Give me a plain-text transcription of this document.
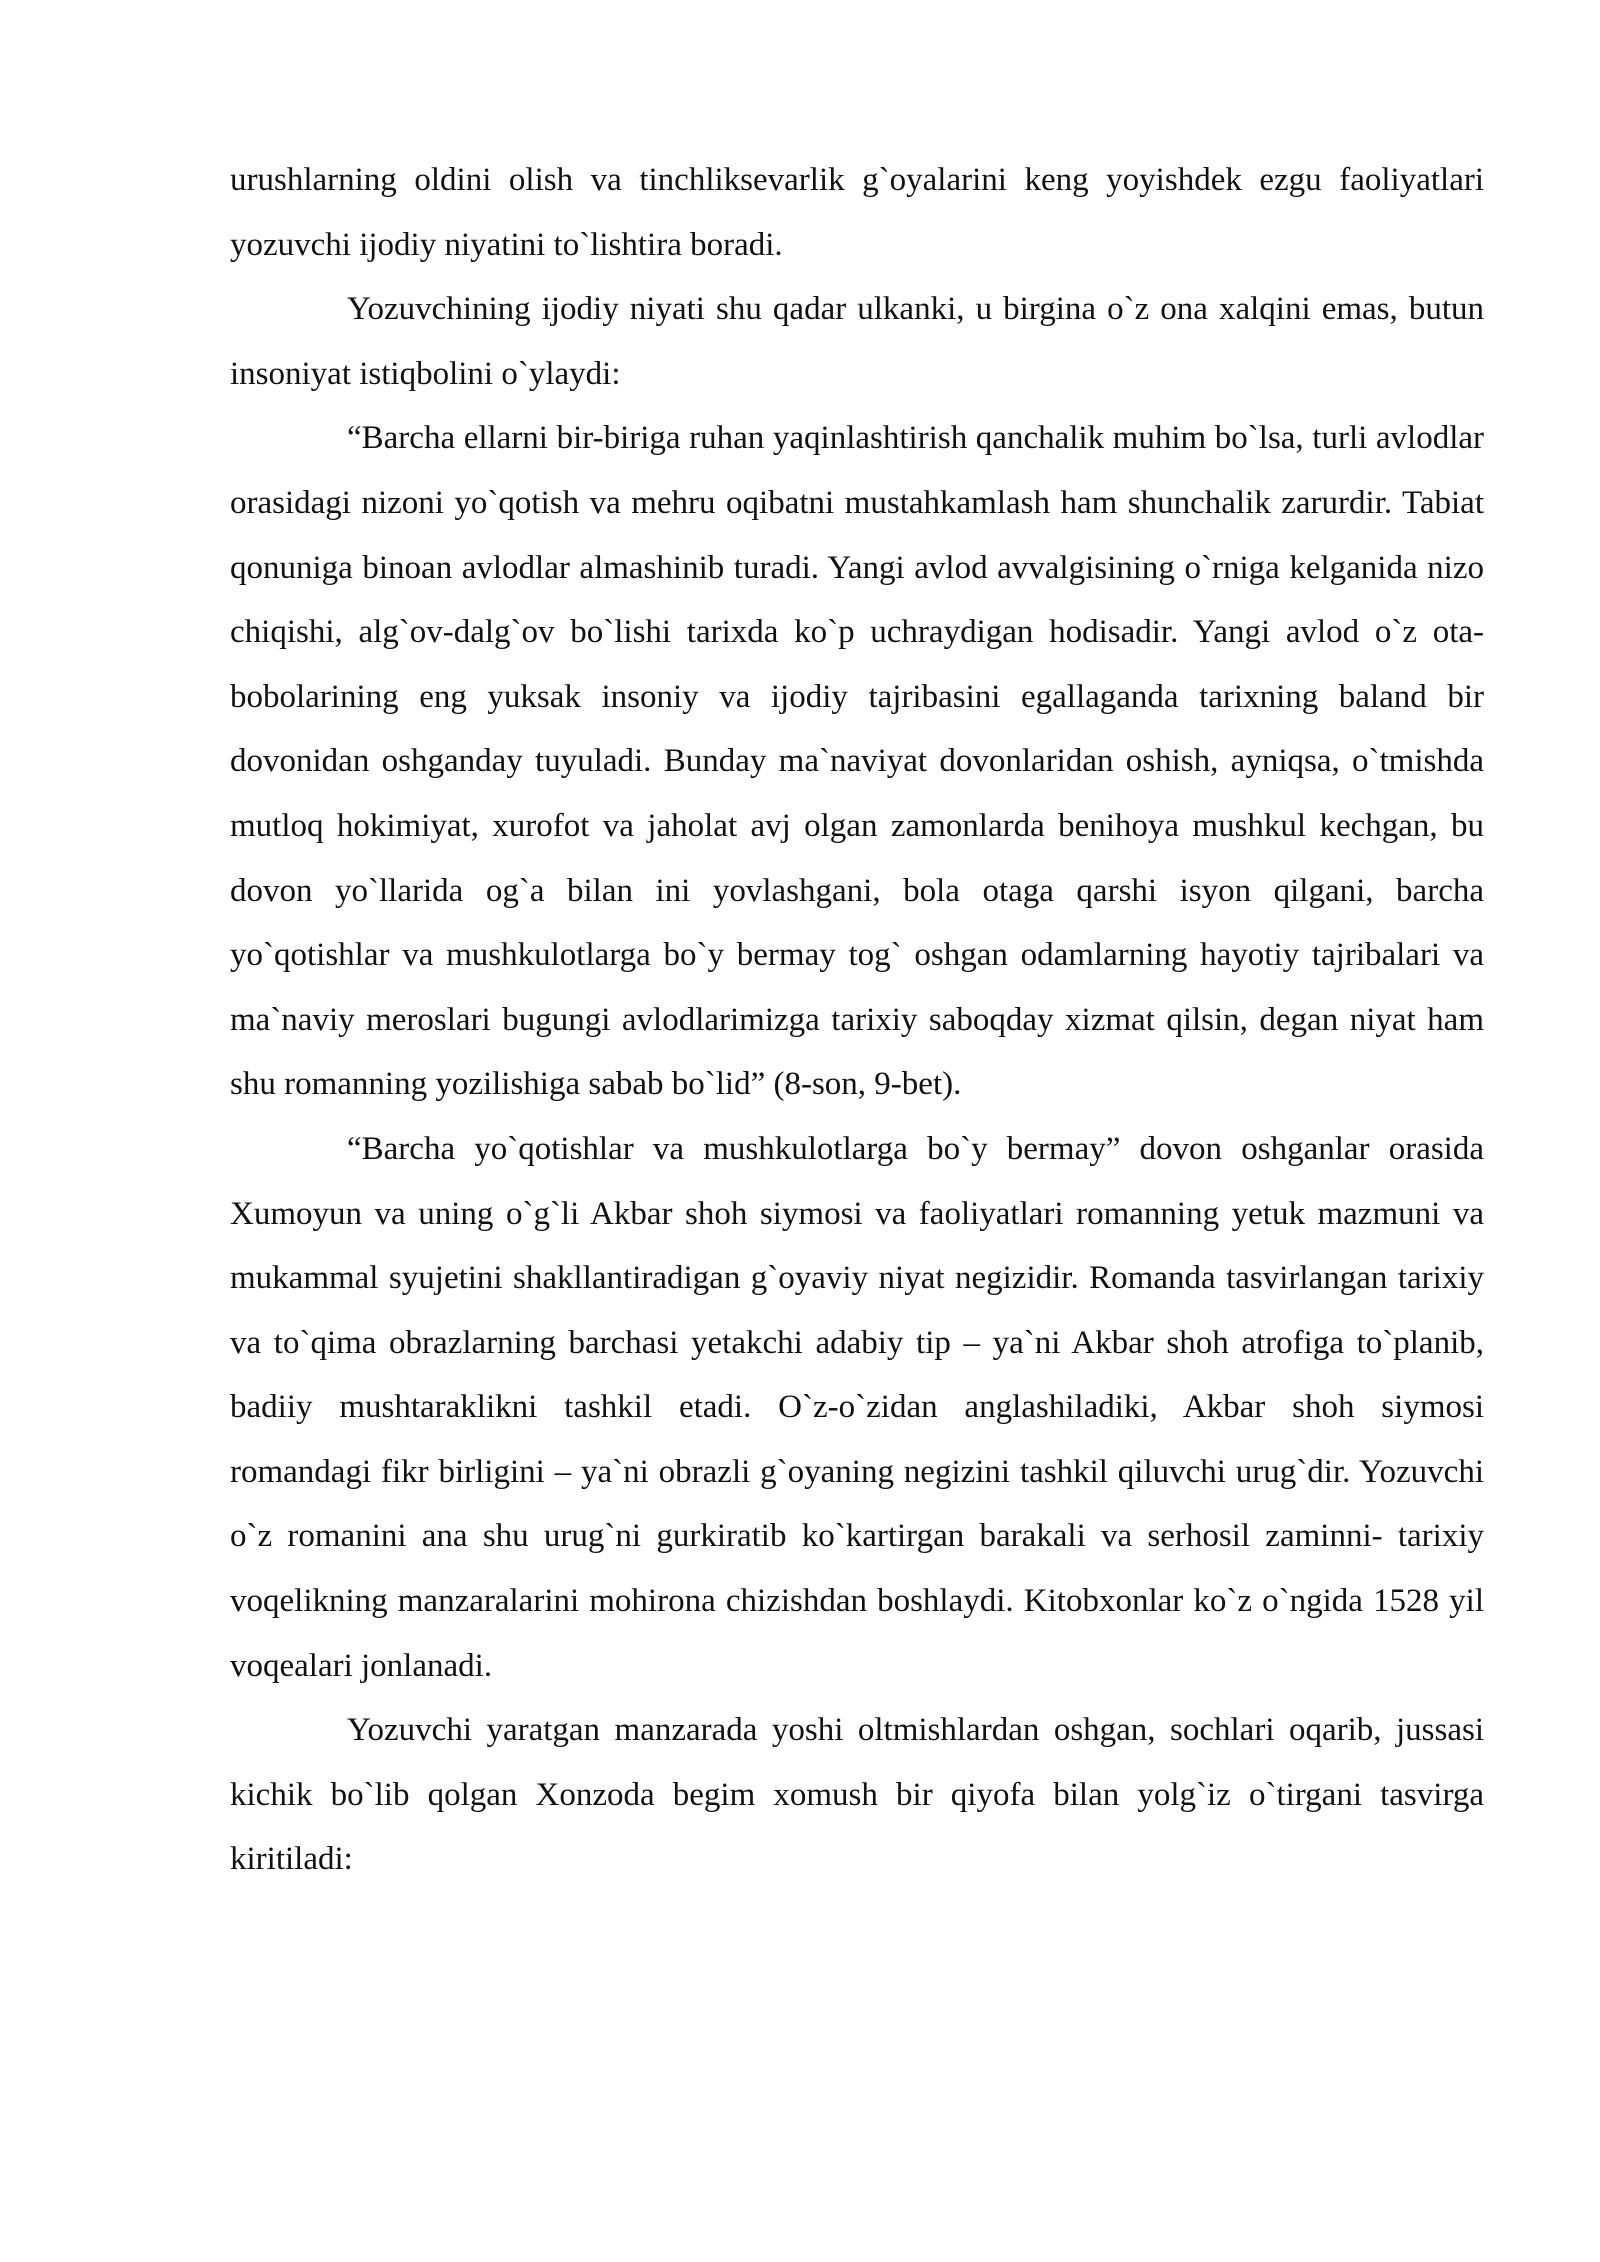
urushlarning oldini olish va tinchliksevarlik g`oyalarini keng yoyishdek ezgu faoliyatlari yozuvchi ijodiy niyatini to`lishtira boradi.

Yozuvchining ijodiy niyati shu qadar ulkanki, u birgina o`z ona xalqini emas, butun insoniyat istiqbolini o`ylaydi:

“Barcha ellarni bir-biriga ruhan yaqinlashtirish qanchalik muhim bo`lsa, turli avlodlar orasidagi nizoni yo`qotish va mehru oqibatni mustahkamlash ham shunchalik zarurdir. Tabiat qonuniga binoan avlodlar almashinib turadi. Yangi avlod avvalgisining o`rniga kelganida nizo chiqishi, alg`ov-dalg`ov bo`lishi tarixda ko`p uchraydigan hodisadir. Yangi avlod o`z ota-bobolarining eng yuksak insoniy va ijodiy tajribasini egallaganda tarixning baland bir dovonidan oshganday tuyuladi. Bunday ma`naviyat dovonlaridan oshish, ayniqsa, o`tmishda mutloq hokimiyat, xurofot va jaholat avj olgan zamonlarda benihoya mushkul kechgan, bu dovon yo`llarida og`a bilan ini yovlashgani, bola otaga qarshi isyon qilgani, barcha yo`qotishlar va mushkulotlarga bo`y bermay tog` oshgan odamlarning hayotiy tajribalari va ma`naviy meroslari bugungi avlodlarimizga tarixiy saboqday xizmat qilsin, degan niyat ham shu romanning yozilishiga sabab bo`lid” (8-son, 9-bet).

“Barcha yo`qotishlar va mushkulotlarga bo`y bermay” dovon oshganlar orasida Xumoyun va uning o`g`li Akbar shoh siymosi va faoliyatlari romanning yetuk mazmuni va mukammal syujetini shakllantiradigan g`oyaviy niyat negizidir. Romanda tasvirlangan tarixiy va to`qima obrazlarning barchasi yetakchi adabiy tip – ya`ni Akbar shoh atrofiga to`planib, badiiy mushtaraklikni tashkil etadi. O`z-o`zidan anglashiladiki, Akbar shoh siymosi romandagi fikr birligini – ya`ni obrazli g`oyaning negizini tashkil qiluvchi urug`dir. Yozuvchi o`z romanini ana shu urug`ni gurkiratib ko`kartirgan barakali va serhosil zaminni- tarixiy voqelikning manzaralarini mohirona chizishdan boshlaydi. Kitobxonlar ko`z o`ngida 1528 yil voqealari jonlanadi.

Yozuvchi yaratgan manzarada yoshi oltmishlardan oshgan, sochlari oqarib, jussasi kichik bo`lib qolgan Xonzoda begim xomush bir qiyofa bilan yolg`iz o`tirgani tasvirga kiritiladi:
